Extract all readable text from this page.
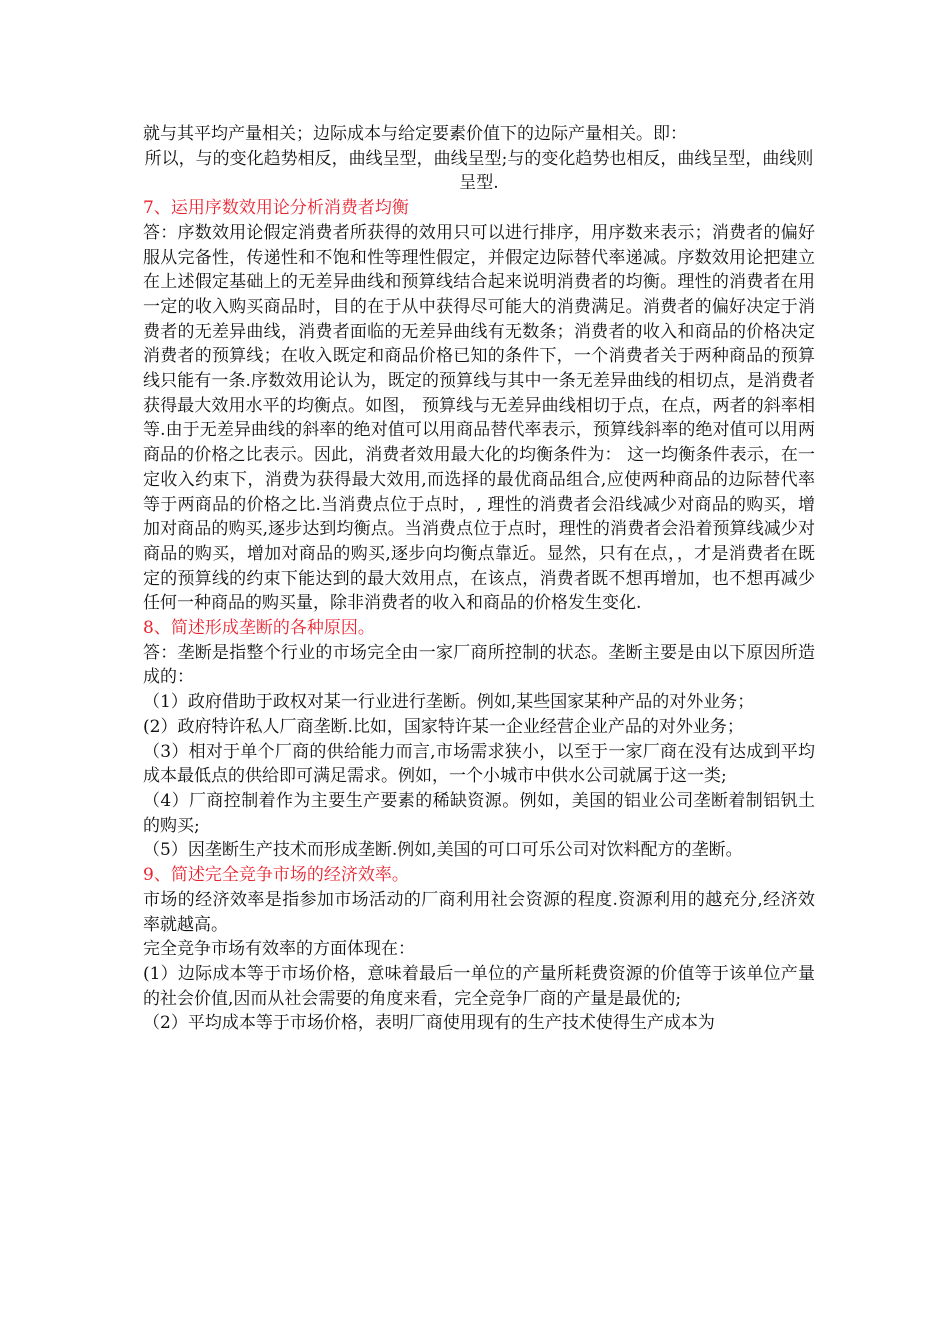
就与其平均产量相关；边际成本与给定要素价值下的边际产量相关。即：

所以，与的变化趋势相反，曲线呈型，曲线呈型;与的变化趋势也相反，曲线呈型，曲线则呈型.

7、运用序数效用论分析消费者均衡

答：序数效用论假定消费者所获得的效用只可以进行排序，用序数来表示；消费者的偏好服从完备性，传递性和不饱和性等理性假定，并假定边际替代率递减。序数效用论把建立在上述假定基础上的无差异曲线和预算线结合起来说明消费者的均衡。理性的消费者在用一定的收入购买商品时，目的在于从中获得尽可能大的消费满足。消费者的偏好决定于消费者的无差异曲线，消费者面临的无差异曲线有无数条；消费者的收入和商品的价格决定消费者的预算线；在收入既定和商品价格已知的条件下，一个消费者关于两种商品的预算线只能有一条.序数效用论认为，既定的预算线与其中一条无差异曲线的相切点，是消费者获得最大效用水平的均衡点。如图， 预算线与无差异曲线相切于点，在点，两者的斜率相等.由于无差异曲线的斜率的绝对值可以用商品替代率表示，预算线斜率的绝对值可以用两商品的价格之比表示。因此，消费者效用最大化的均衡条件为： 这一均衡条件表示，在一定收入约束下，消费为获得最大效用,而选择的最优商品组合,应使两种商品的边际替代率等于两商品的价格之比.当消费点位于点时，, 理性的消费者会沿线减少对商品的购买，增加对商品的购买,逐步达到均衡点。当消费点位于点时，理性的消费者会沿着预算线减少对商品的购买，增加对商品的购买,逐步向均衡点靠近。显然，只有在点，，才是消费者在既定的预算线的约束下能达到的最大效用点，在该点，消费者既不想再增加，也不想再减少任何一种商品的购买量，除非消费者的收入和商品的价格发生变化.

8、简述形成垄断的各种原因。

答：垄断是指整个行业的市场完全由一家厂商所控制的状态。垄断主要是由以下原因所造成的：

（1）政府借助于政权对某一行业进行垄断。例如,某些国家某种产品的对外业务；

(2）政府特许私人厂商垄断.比如，国家特许某一企业经营企业产品的对外业务；

（3）相对于单个厂商的供给能力而言,市场需求狭小，以至于一家厂商在没有达成到平均成本最低点的供给即可满足需求。例如，一个小城市中供水公司就属于这一类;

（4）厂商控制着作为主要生产要素的稀缺资源。例如，美国的铝业公司垄断着制铝钒土的购买;

（5）因垄断生产技术而形成垄断.例如,美国的可口可乐公司对饮料配方的垄断。

9、简述完全竞争市场的经济效率。

市场的经济效率是指参加市场活动的厂商利用社会资源的程度.资源利用的越充分,经济效率就越高。

完全竞争市场有效率的方面体现在：

(1）边际成本等于市场价格，意味着最后一单位的产量所耗费资源的价值等于该单位产量的社会价值,因而从社会需要的角度来看，完全竞争厂商的产量是最优的;

（2）平均成本等于市场价格，表明厂商使用现有的生产技术使得生产成本为
